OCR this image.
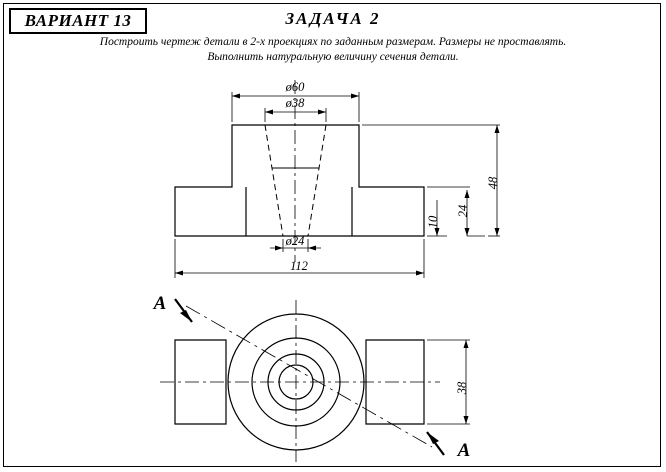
ВАРИАНТ 13	ЗАДАЧА 2
Построить чертеж детали в 2-х проекциях по заданным размерам. Размеры не проставлять.
Выполнить натуральную величину сечения детали.
ø60
ø38
ø24
112
10
24
48
A
A
38
